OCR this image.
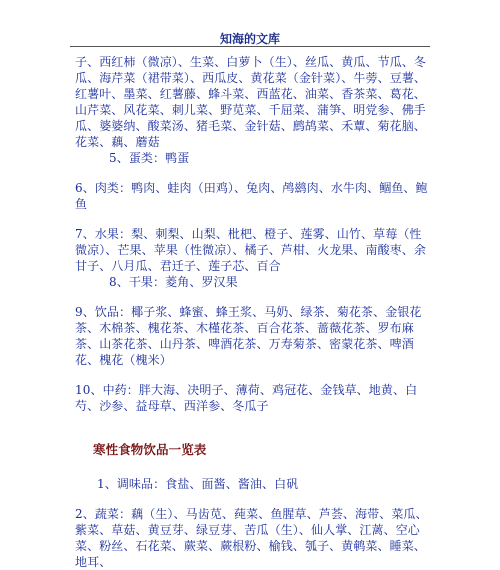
知海的文库

子、西红柿（微凉）、生菜、白萝卜（生）、丝瓜、黄瓜、节瓜、冬瓜、海芹菜（裙带菜）、西瓜皮、黄花菜（金针菜）、牛蒡、豆薯、红薯叶、墨菜、红薯藤、蜂斗菜、西蓝花、油菜、香茶菜、葛花、山芹菜、风花菜、刺儿菜、野苋菜、千屈菜、蒲笋、明党参、佛手瓜、婆婆纳、酸菜汤、猪毛菜、金针菇、鹧鸪菜、禾蕈、菊花脑、花菜、藕、蘑菇

5、蛋类：鸭蛋

6、肉类：鸭肉、蛙肉（田鸡）、兔肉、鸬鹚肉、水牛肉、鲴鱼、鲍鱼

7、水果：梨、刺梨、山梨、枇杷、橙子、莲雾、山竹、草莓（性微凉）、芒果、苹果（性微凉）、橘子、芦柑、火龙果、南酸枣、余甘子、八月瓜、君迁子、莲子芯、百合

8、干果：菱角、罗汉果

9、饮品：椰子浆、蜂蜜、蜂王浆、马奶、绿茶、菊花茶、金银花茶、木棉茶、槐花茶、木槿花茶、百合花茶、蔷薇花茶、罗布麻茶、山茶花茶、山丹茶、啤酒花茶、万寿菊茶、密蒙花茶、啤酒花、槐花（槐米）

10、中药：胖大海、决明子、薄荷、鸡冠花、金钱草、地黄、白芍、沙参、益母草、西洋参、冬瓜子

寒性食物饮品一览表

1、调味品：食盐、面酱、酱油、白矾

2、蔬菜：藕（生）、马齿苋、莼菜、鱼腥草、芦荟、海带、菜瓜、紫菜、草菇、黄豆芽、绿豆芽、苦瓜（生）、仙人掌、江蓠、空心菜、粉丝、石花菜、蕨菜、蕨根粉、榆钱、瓠子、黄鹌菜、睡菜、地耳、
